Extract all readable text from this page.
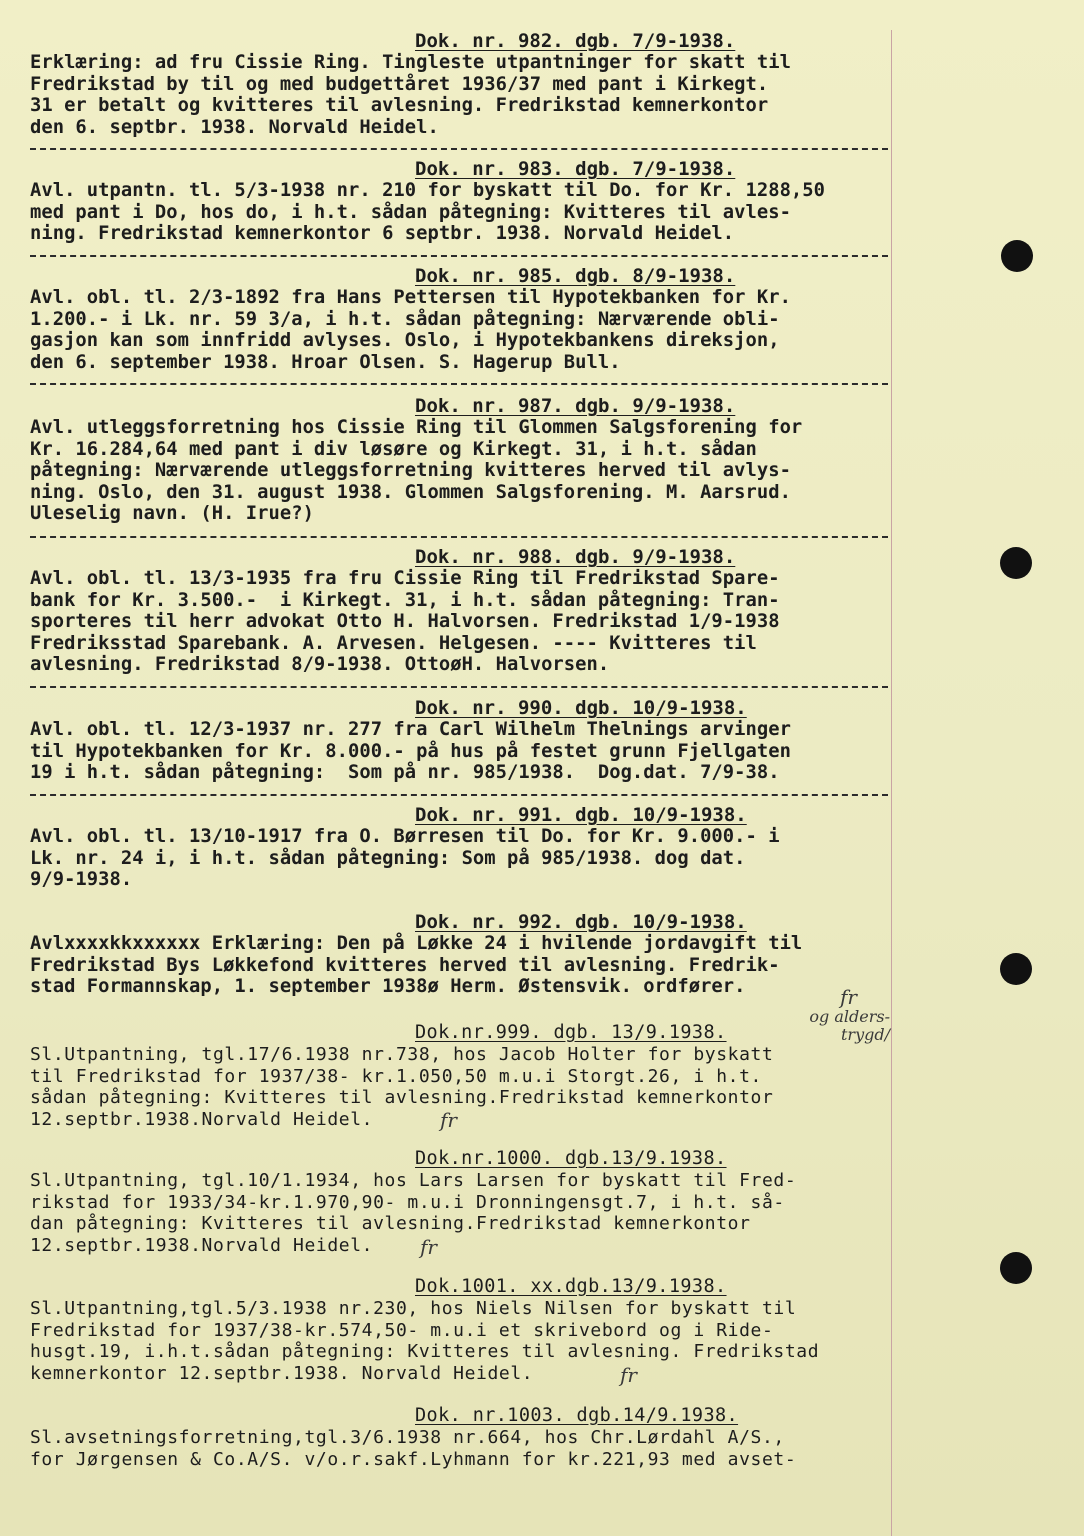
Dok. nr. 982. dgb. 7/9-1938.
Erklæring: ad fru Cissie Ring. Tingleste utpantninger for skatt til
Fredrikstad by til og med budgettåret 1936/37 med pant i Kirkegt.
31 er betalt og kvitteres til avlesning. Fredrikstad kemnerkontor
den 6. septbr. 1938. Norvald Heidel.
Dok. nr. 983. dgb. 7/9-1938.
Avl. utpantn. tl. 5/3-1938 nr. 210 for byskatt til Do. for Kr. 1288,50
med pant i Do, hos do, i h.t. sådan påtegning: Kvitteres til avles-
ning. Fredrikstad kemnerkontor 6 septbr. 1938. Norvald Heidel.
Dok. nr. 985. dgb. 8/9-1938.
Avl. obl. tl. 2/3-1892 fra Hans Pettersen til Hypotekbanken for Kr.
1.200.- i Lk. nr. 59 3/a, i h.t. sådan påtegning: Nærværende obli-
gasjon kan som innfridd avlyses. Oslo, i Hypotekbankens direksjon,
den 6. september 1938. Hroar Olsen. S. Hagerup Bull.
Dok. nr. 987. dgb. 9/9-1938.
Avl. utleggsforretning hos Cissie Ring til Glommen Salgsforening for
Kr. 16.284,64 med pant i div løsøre og Kirkegt. 31, i h.t. sådan
påtegning: Nærværende utleggsforretning kvitteres herved til avlys-
ning. Oslo, den 31. august 1938. Glommen Salgsforening. M. Aarsrud.
Uleselig navn. (H. Irue?)
Dok. nr. 988. dgb. 9/9-1938.
Avl. obl. tl. 13/3-1935 fra fru Cissie Ring til Fredrikstad Spare-
bank for Kr. 3.500.-  i Kirkegt. 31, i h.t. sådan påtegning: Tran-
sporteres til herr advokat Otto H. Halvorsen. Fredrikstad 1/9-1938
Fredriksstad Sparebank. A. Arvesen. Helgesen. ---- Kvitteres til
avlesning. Fredrikstad 8/9-1938. OttoøH. Halvorsen.
Dok. nr. 990. dgb. 10/9-1938.
Avl. obl. tl. 12/3-1937 nr. 277 fra Carl Wilhelm Thelnings arvinger
til Hypotekbanken for Kr. 8.000.- på hus på festet grunn Fjellgaten
19 i h.t. sådan påtegning:  Som på nr. 985/1938.  Dog.dat. 7/9-38.
Dok. nr. 991. dgb. 10/9-1938.
Avl. obl. tl. 13/10-1917 fra O. Børresen til Do. for Kr. 9.000.- i
Lk. nr. 24 i, i h.t. sådan påtegning: Som på 985/1938. dog dat.
9/9-1938.
Dok. nr. 992. dgb. 10/9-1938.
Avlxxxxkkxxxxxx Erklæring: Den på Løkke 24 i hvilende jordavgift til
Fredrikstad Bys Løkkefond kvitteres herved til avlesning. Fredrik-
stad Formannskap, 1. september 1938ø Herm. Østensvik. ordfører.	fr
Dok.nr.999. dgb. 13/9.1938.
Sl.Utpantning, tgl.17/6.1938 nr.738, hos Jacob Holter for byskatt
til Fredrikstad for 1937/38- kr.1.050,50 m.u.i Storgt.26, i h.t.
sådan påtegning: Kvitteres til avlesning.Fredrikstad kemnerkontor
12.septbr.1938.Norvald Heidel.
og alders- trygd/
fr
Dok.nr.1000. dgb.13/9.1938.
Sl.Utpantning, tgl.10/1.1934, hos Lars Larsen for byskatt til Fred-
rikstad for 1933/34-kr.1.970,90- m.u.i Dronningensgt.7, i h.t. så-
dan påtegning: Kvitteres til avlesning.Fredrikstad kemnerkontor
12.septbr.1938.Norvald Heidel.	fr
Dok.1001. xx.dgb.13/9.1938.
Sl.Utpantning,tgl.5/3.1938 nr.230, hos Niels Nilsen for byskatt til
Fredrikstad for 1937/38-kr.574,50- m.u.i et skrivebord og i Ride-
husgt.19, i.h.t.sådan påtegning: Kvitteres til avlesning. Fredrikstad
kemnerkontor 12.septbr.1938. Norvald Heidel.	fr
Dok. nr.1003. dgb.14/9.1938.
Sl.avsetningsforretning,tgl.3/6.1938 nr.664, hos Chr.Lørdahl A/S.,
for Jørgensen & Co.A/S. v/o.r.sakf.Lyhmann for kr.221,93 med avset-
